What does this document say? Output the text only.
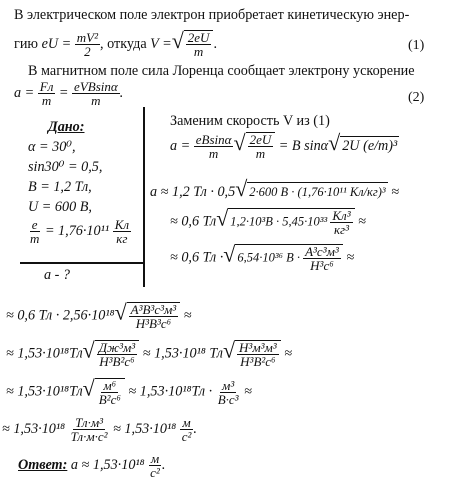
В электрическом поле электрон приобретает кинетическую энер-
гию eU = $\frac{\text{mV²}}{2}$ , откуда V =√ $\frac{2eU}{m}$ .	(1)
В магнитном поле сила Лоренца сообщает электрону ускорение
a = Fл
m = eVBsinα
m .	(2)
Дано:
α = 30⁰,
sin30⁰ = 0,5,
B = 1,2 Тл,
U = 600 В,
$\frac{e}{m} = 1,76\cdot 10^{11}$ Кл
кг
a - ?
Заменим скорость V из (1)
$a = \frac{eBsin\alpha}{m}$ √ $\frac{2eU}{m} = B$ sinα√ 2U (e/m)³
a ≈ 1,2 Тл · 0,5√ 2·600 В · (1,76·10¹¹ Кл/кг)³ ≈
≈ 0,6 Тл√ 1,2·10³В · 5,45·10³³ Кл³
кг³
≈
≈ 0,6 Тл ·√ 6,54·10³⁶ В · А³с³м³
Н³с⁶
≈
≈ 0,6 Тл · 2,56·10¹⁸√ А³В³с³м³
Н³В³с⁶
≈
≈ 1,53·10¹⁸Тл√ Дж³м³
Н³В²с⁶
≈ 1,53·10¹⁸ Тл√ Н³м³м³
Н³В²с⁶
≈
≈ 1,53·10¹⁸Тл√ м⁶
В²с⁶
≈ 1,53·10¹⁸Тл · м³
В·с³ ≈
≈ 1,53·10¹⁸ Тл·м³
Тл·м·с² ≈ 1,53·10¹⁸ м
с² .
Ответ: a ≈ 1,53·10¹⁸ м
с² .
